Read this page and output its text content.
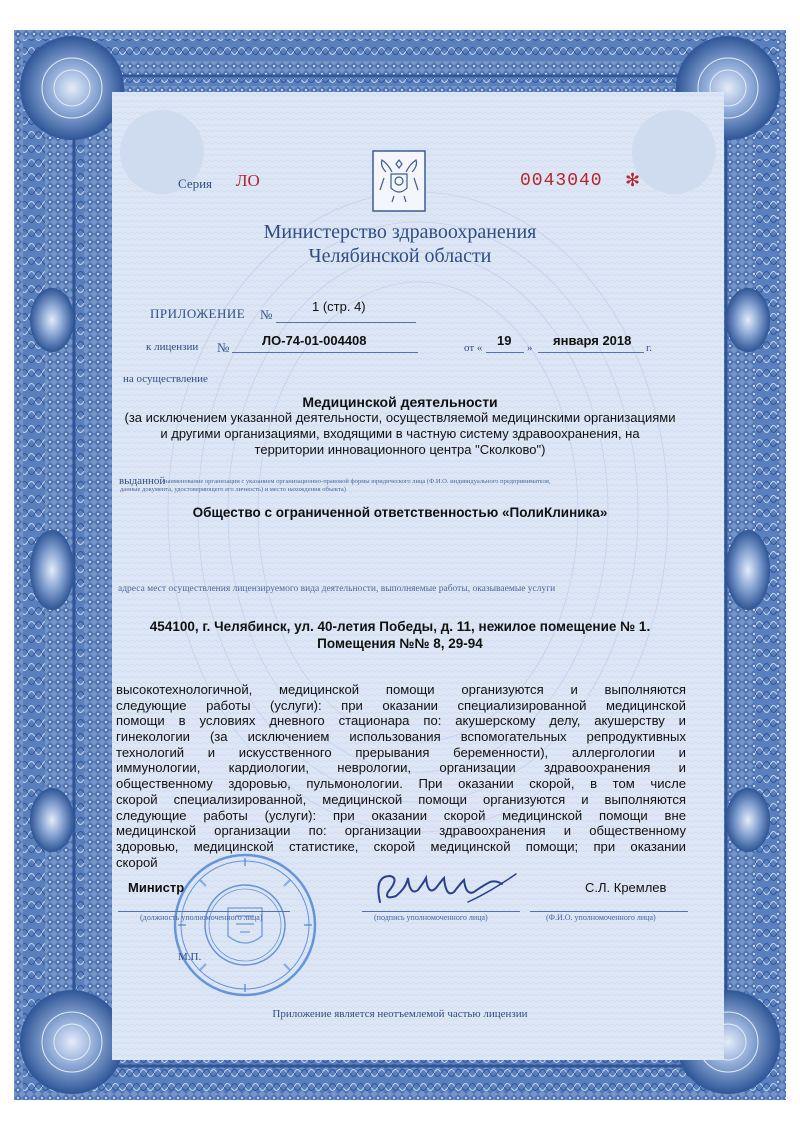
Серия ЛО	0043040 ✻
Министерство здравоохранения
Челябинской области
ПРИЛОЖЕНИЕ №
1 (стр. 4)
к лицензии №	ЛО-74-01-004408	от « 19 » января 2018 г.
на осуществление
Медицинской деятельности
(за исключением указанной деятельности, осуществляемой медицинскими организациями
и другими организациями, входящими в частную систему здравоохранения, на
территории инновационного центра "Сколково")
выданной
наименование организации с указанием организационно-правовой формы юридического лица (Ф.И.О. индивидуального предпринимателя,
данные документа, удостоверяющего его личность) и место нахождения объекта)
Общество с ограниченной ответственностью «ПолиКлиника»
адреса мест осуществления лицензируемого вида деятельности, выполняемые работы, оказываемые услуги
454100, г. Челябинск, ул. 40-летия Победы, д. 11, нежилое помещение № 1.
Помещения №№ 8, 29-94
высокотехнологичной, медицинской помощи организуются и выполняются
следующие работы (услуги): при оказании специализированной медицинской
помощи в условиях дневного стационара по: акушерскому делу, акушерству и
гинекологии (за исключением использования вспомогательных репродуктивных
технологий и искусственного прерывания беременности), аллергологии и
иммунологии, кардиологии, неврологии, организации здравоохранения и
общественному здоровью, пульмонологии. При оказании скорой, в том числе
скорой специализированной, медицинской помощи организуются и выполняются
следующие работы (услуги): при оказании скорой медицинской помощи вне
медицинской организации по: организации здравоохранения и общественному
здоровью, медицинской статистике, скорой медицинской помощи; при оказании
скорой
Министр	С.Л. Кремлев
(должность уполномоченного лица)	(подпись уполномоченного лица)	(Ф.И.О. уполномоченного лица)
М.П.
Приложение является неотъемлемой частью лицензии
